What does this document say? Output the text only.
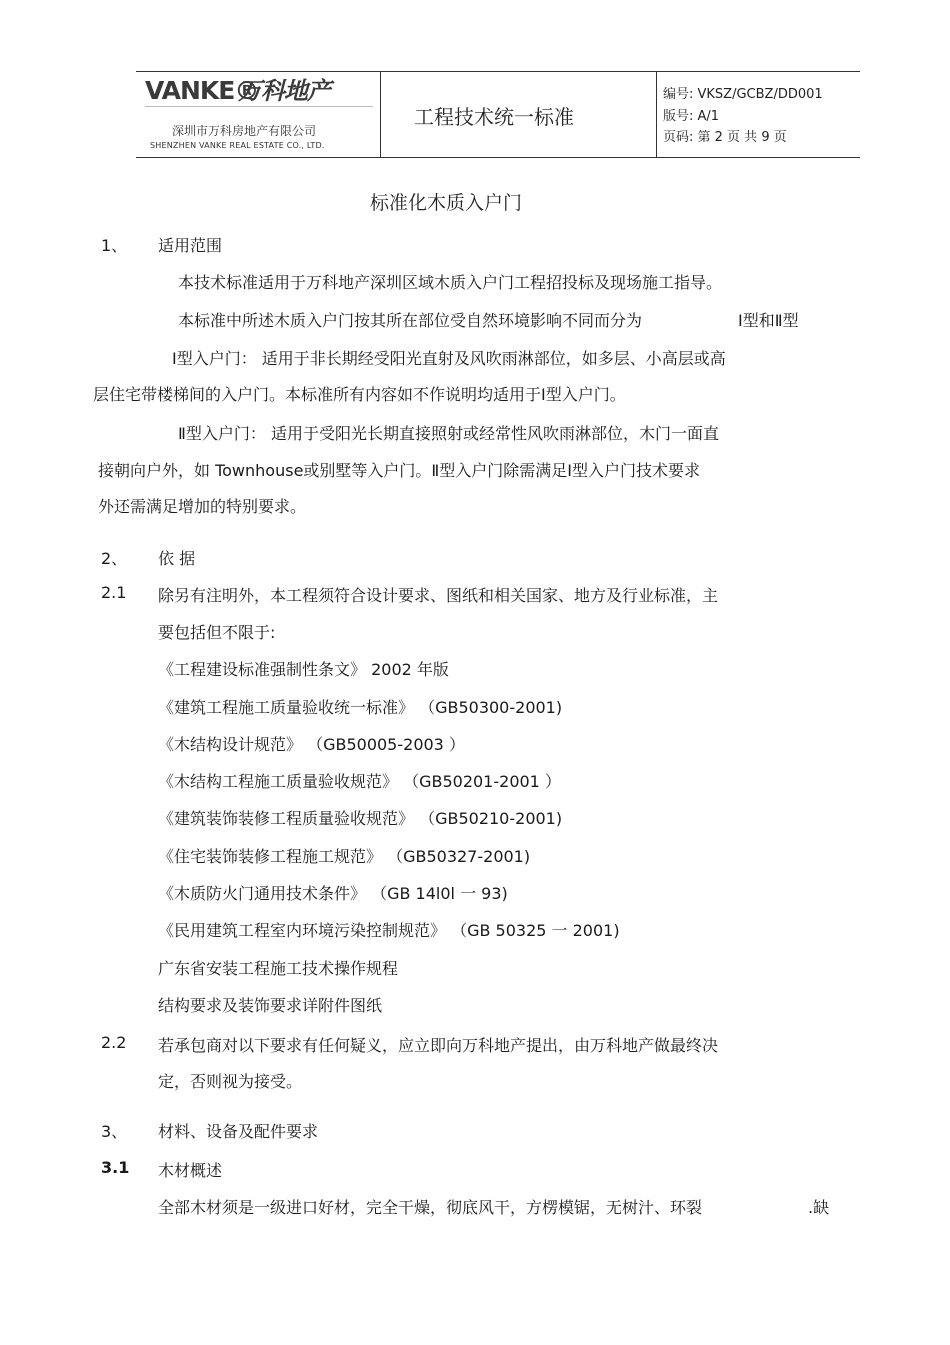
VANKE®
万科地产
深圳市万科房地产有限公司
SHENZHEN VANKE REAL ESTATE CO., LTD.
工程技术统一标准
编号: VKSZ/GCBZ/DD001
版号: A/1
页码: 第 2 页 共 9 页
标准化木质入户门
1、 适用范围
本技术标准适用于万科地产深圳区域木质入户门工程招投标及现场施工指导。
本标准中所述木质入户门按其所在部位受自然环境影响不同而分为	Ⅰ型和Ⅱ型
Ⅰ型入户门： 适用于非长期经受阳光直射及风吹雨淋部位，如多层、小高层或高
层住宅带楼梯间的入户门。本标准所有内容如不作说明均适用于Ⅰ型入户门。
Ⅱ型入户门： 适用于受阳光长期直接照射或经常性风吹雨淋部位，木门一面直
接朝向户外，如 Townhouse或别墅等入户门。Ⅱ型入户门除需满足Ⅰ型入户门技术要求
外还需满足增加的特别要求。
2、 依 据
2.1 除另有注明外，本工程须符合设计要求、图纸和相关国家、地方及行业标准，主
要包括但不限于:
《工程建设标准强制性条文》 2002 年版
《建筑工程施工质量验收统一标准》 （GB50300-2001)
《木结构设计规范》 （GB50005-2003 ）
《木结构工程施工质量验收规范》 （GB50201-2001 ）
《建筑装饰装修工程质量验收规范》 （GB50210-2001)
《住宅装饰装修工程施工规范》 （GB50327-2001)
《木质防火门通用技术条件》 （GB 14l0l 一 93)
《民用建筑工程室内环境污染控制规范》 （GB 50325 一 2001)
广东省安装工程施工技术操作规程
结构要求及装饰要求详附件图纸
2.2 若承包商对以下要求有任何疑义，应立即向万科地产提出，由万科地产做最终决
定，否则视为接受。
3、 材料、设备及配件要求
3.1 木材概述
全部木材须是一级进口好材，完全干燥，彻底风干，方楞模锯，无树汁、环裂	.缺
